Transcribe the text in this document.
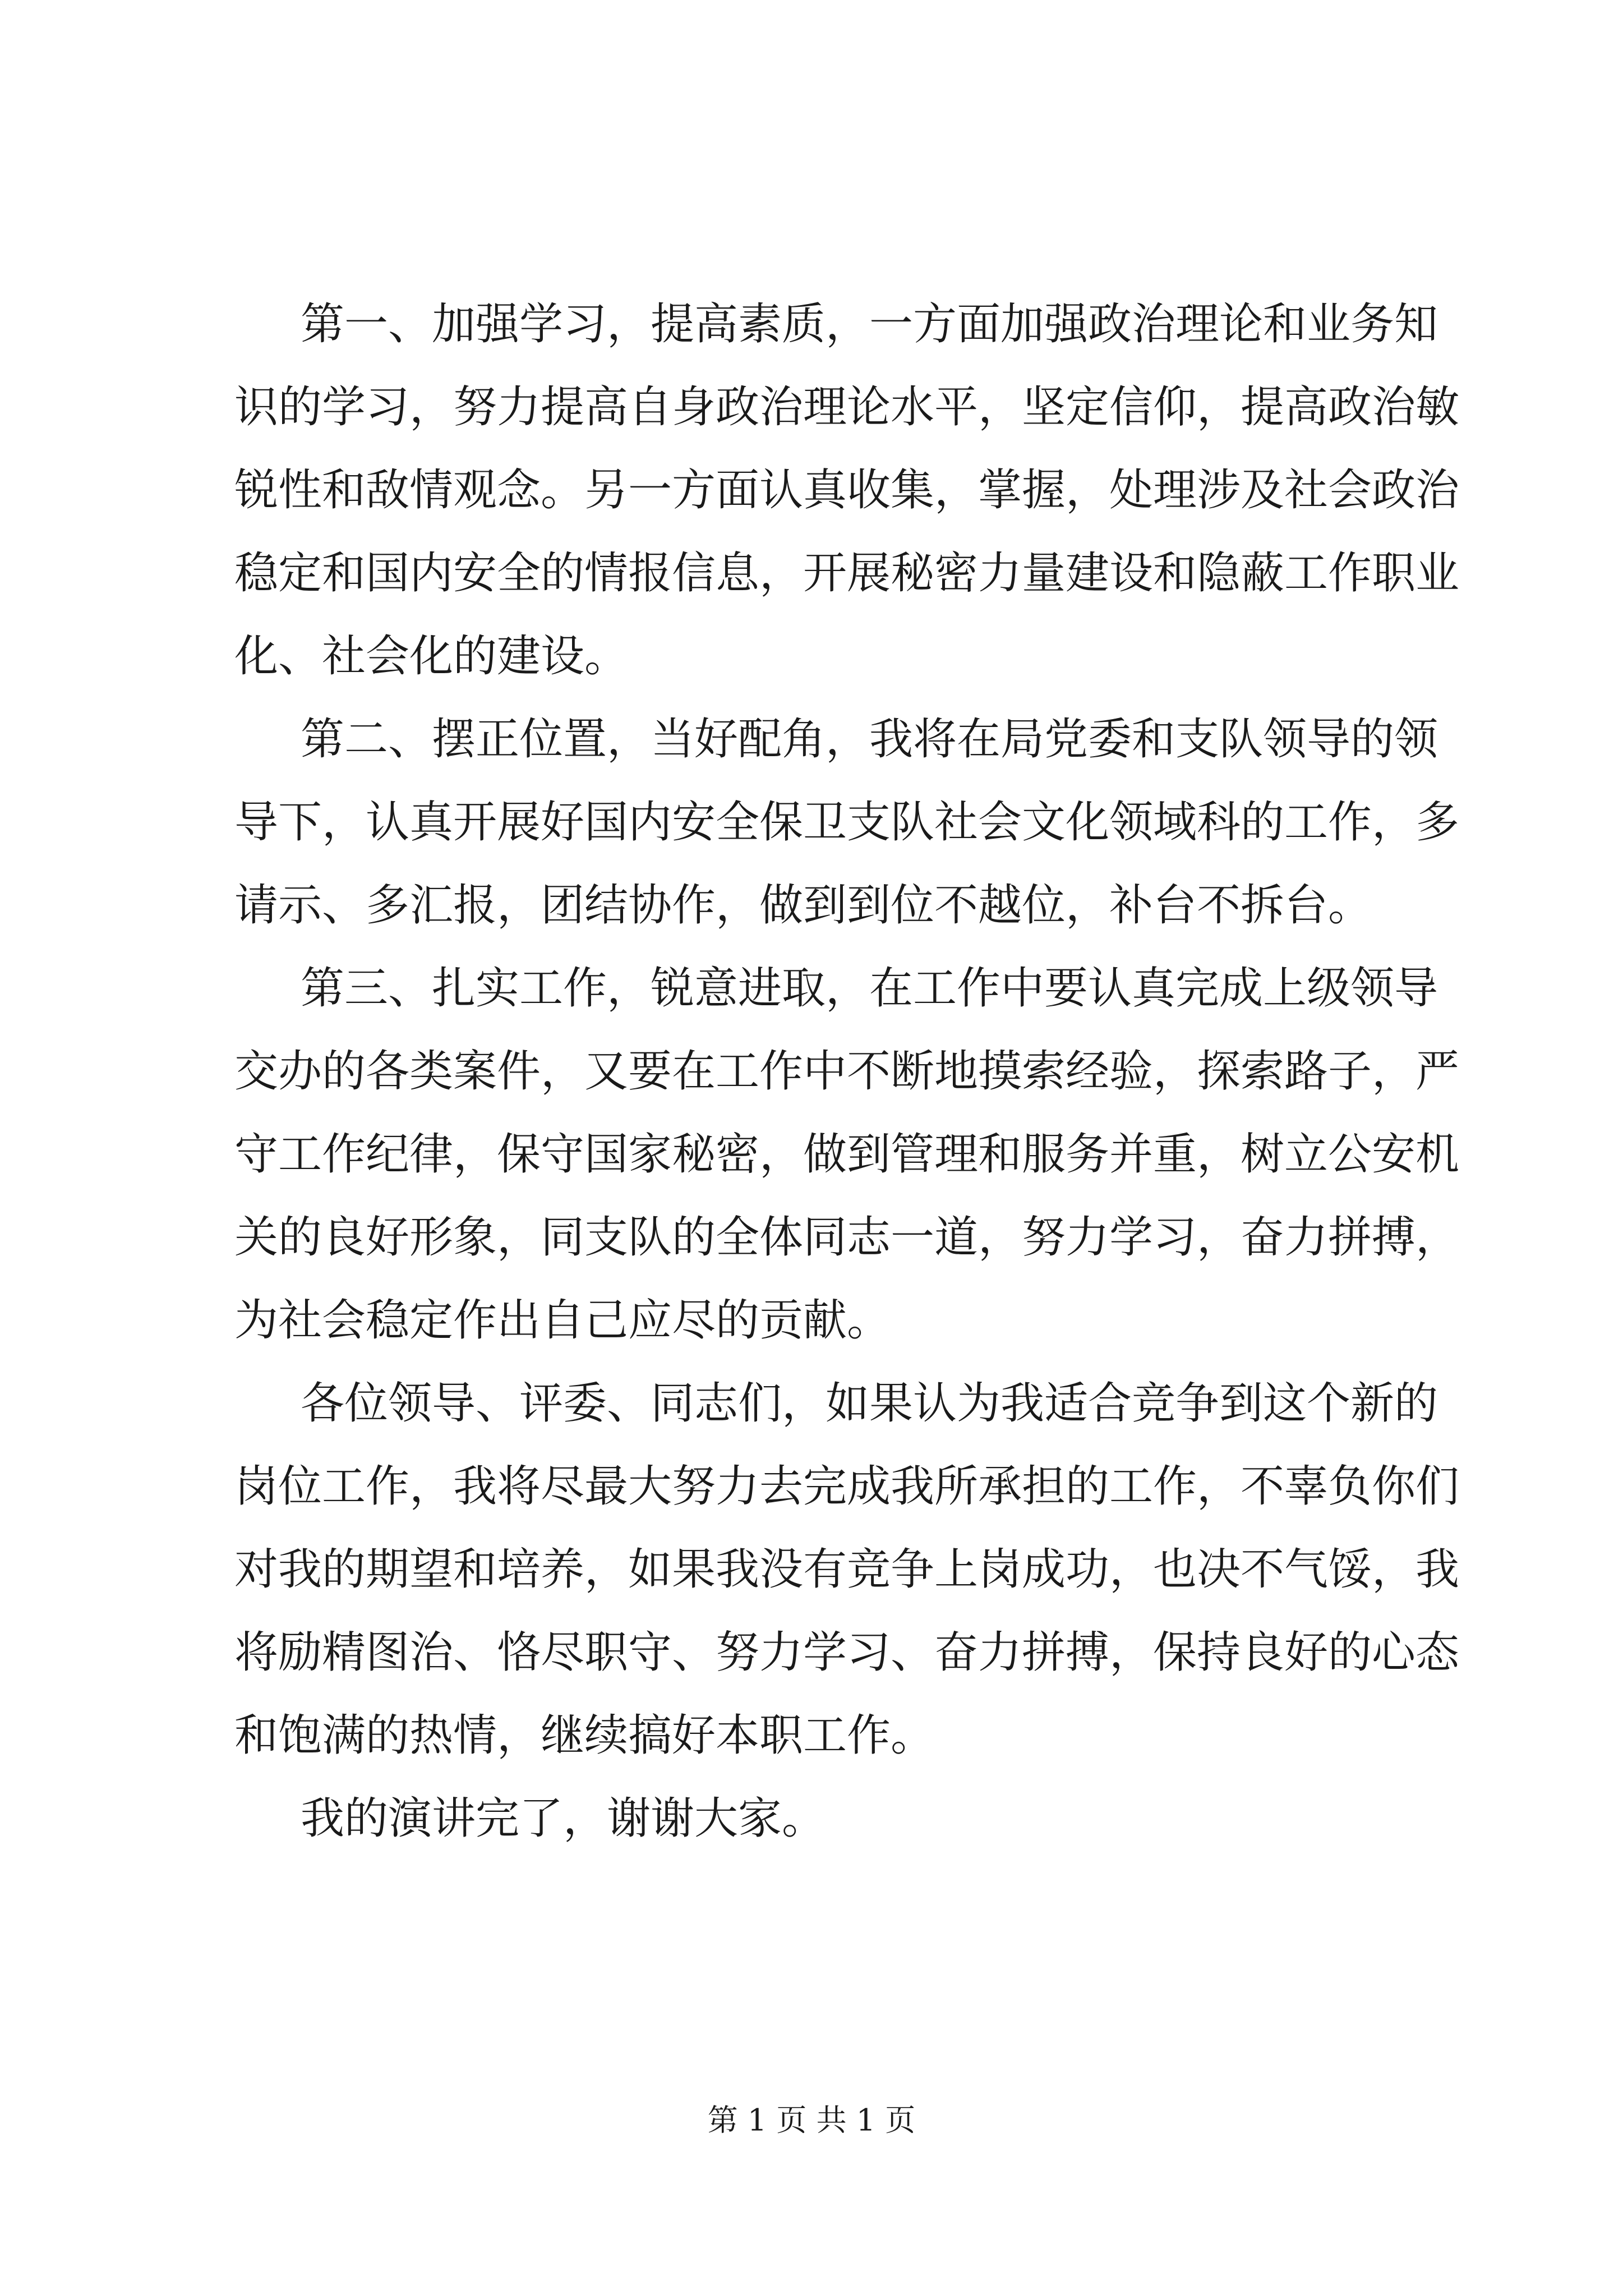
第一、加强学习，提高素质，一方面加强政治理论和业务知
识的学习，努力提高自身政治理论水平，坚定信仰，提高政治敏
锐性和敌情观念。另一方面认真收集，掌握，处理涉及社会政治
稳定和国内安全的情报信息，开展秘密力量建设和隐蔽工作职业
化、社会化的建设。
第二、摆正位置，当好配角，我将在局党委和支队领导的领
导下，认真开展好国内安全保卫支队社会文化领域科的工作，多
请示、多汇报，团结协作，做到到位不越位，补台不拆台。
第三、扎实工作，锐意进取，在工作中要认真完成上级领导
交办的各类案件，又要在工作中不断地摸索经验，探索路子，严
守工作纪律，保守国家秘密，做到管理和服务并重，树立公安机
关的良好形象，同支队的全体同志一道，努力学习，奋力拼搏，
为社会稳定作出自己应尽的贡献。
各位领导、评委、同志们，如果认为我适合竞争到这个新的
岗位工作，我将尽最大努力去完成我所承担的工作，不辜负你们
对我的期望和培养，如果我没有竞争上岗成功，也决不气馁，我
将励精图治、恪尽职守、努力学习、奋力拼搏，保持良好的心态
和饱满的热情，继续搞好本职工作。
我的演讲完了，谢谢大家。
第 1 页 共 1 页
